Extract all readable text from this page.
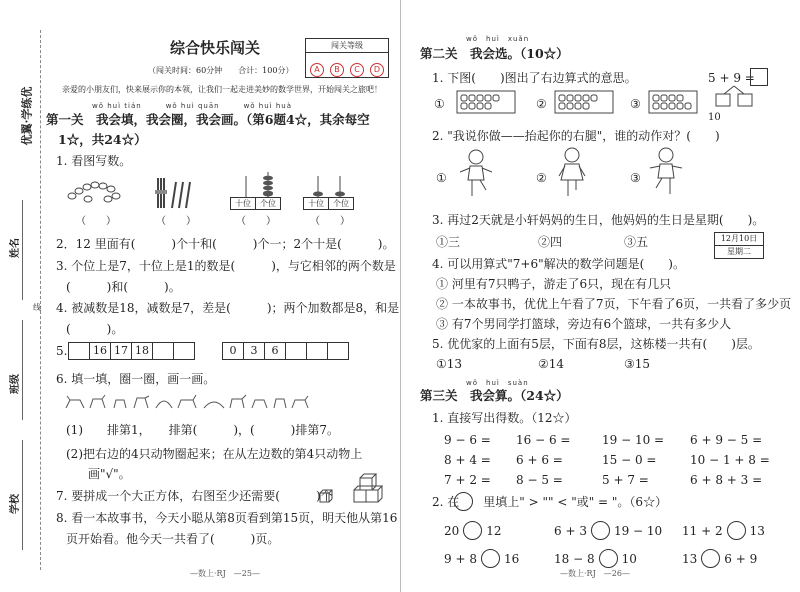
优翼·学练优
姓名
班级
学校
线
综合快乐闯关
（闯关时间：60分钟　　合计：100分）
闯关等级
A B C D
亲爱的小朋友们，快来展示你的本领，让我们一起走进美妙的数学世界，开始闯关之旅吧！
wǒ huì tián　　　wǒ huì quān　　　wǒ huì huà
第一关　我会填，我会圈，我会画。（第6题4☆，其余每空
1☆，共24☆）
1. 看图写数。
十位 个位	十位 个位
（　　）	（　　）	（　　）	（　　）
2．12 里面有(　　　)个十和(　　　)个一；2个十是(　　　)。
3. 个位上是7，十位上是1的数是(　　　)，与它相邻的两个数是
(　　　)和(　　　)。
4. 被减数是18，减数是7，差是(　　　)；两个加数都是8，和是
(　　　)。
5.	16 17 18	0 3 6
6. 填一填，圈一圈，画一画。
(1)　　排第1，　　排第(　　　)，(　　　)排第7。
(2)把右边的4只动物圈起来；在从左边数的第4只动物上
画"√"。
7. 要拼成一个大正方体，右图至少还需要(　　　)个
8. 看一本故事书，今天小聪从第8页看到第15页，明天他从第16
页开始看。他今天一共看了(　　　)页。
—数上·RJ　—25—
wǒ　huì　xuǎn
第二关　我会选。（10☆）
1. 下图(　　)图出了右边算式的意思。	5 + 9 =
10
①	②	③
2. "我说你做——抬起你的右腿"，谁的动作对？(　　)
①	②	③
3. 再过2天就是小轩妈妈的生日，他妈妈的生日是星期(　　)。
①三	②四	③五	12月10日
星期二
4. 可以用算式"7+6"解决的数学问题是(　　)。
① 河里有7只鸭子，游走了6只，现在有几只
② 一本故事书，优优上午看了7页，下午看了6页，一共看了多少页
③ 有7个男同学打篮球，旁边有6个篮球，一共有多少人
5. 优优家的上面有5层，下面有8层，这栋楼一共有(　　)层。
①13	②14	③15
wǒ　huì　suàn
第三关　我会算。（24☆）
1. 直接写出得数。（12☆）
9 − 6 =	16 − 6 =	19 − 10 =	6 + 9 − 5 =
8 + 4 =	6 + 6 =	15 − 0 =	10 − 1 + 8 =
7 + 2 =	8 − 5 =	5 + 7 =	6 + 8 + 3 =
2. 在　　里填上" > "" < "或" = "。（6☆）
20 12	6 + 3 19 − 10	11 + 2 13
9 + 8 16	18 − 8 10	13 6 + 9
—数上·RJ　—26—
